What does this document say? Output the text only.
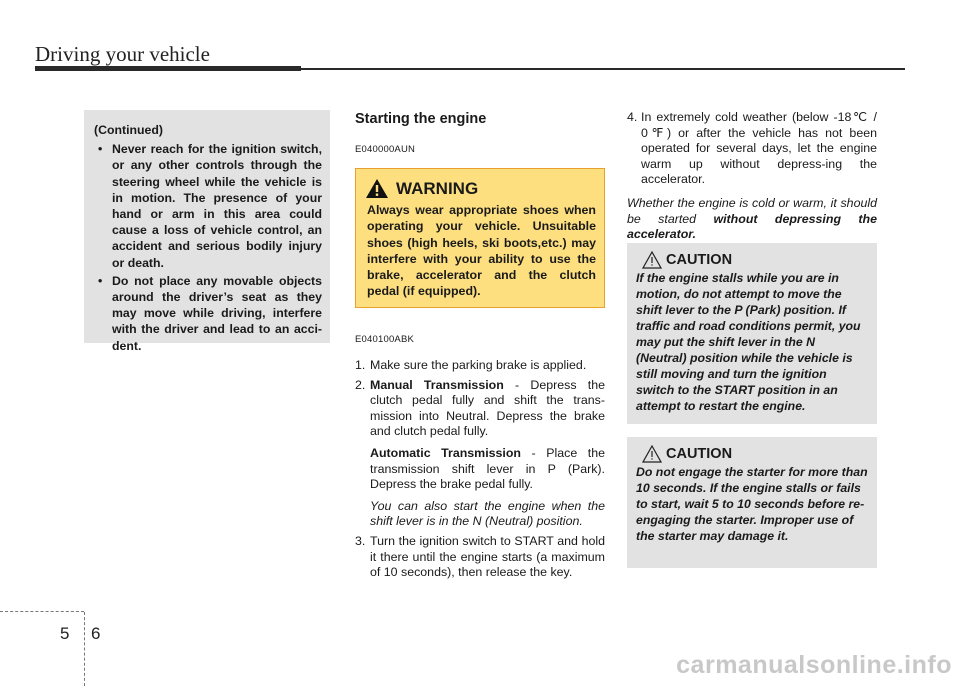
Driving your vehicle
(Continued)
• Never reach for the ignition switch, or any other controls through the steering wheel while the vehicle is in motion. The presence of your hand or arm in this area could cause a loss of vehicle control, an accident and serious bodily injury or death.
• Do not place any movable objects around the driver’s seat as they may move while driving, interfere with the driver and lead to an acci-dent.
Starting the engine
E040000AUN
WARNING
Always wear appropriate shoes when operating your vehicle. Unsuitable shoes (high heels, ski boots,etc.) may interfere with your ability to use the brake, accelerator and the clutch pedal (if equipped).
E040100ABK
1. Make sure the parking brake is applied.
2. Manual Transmission - Depress the clutch pedal fully and shift the trans-mission into Neutral. Depress the brake and clutch pedal fully.
Automatic Transmission - Place the transmission shift lever in P (Park). Depress the brake pedal fully.
You can also start the engine when the shift lever is in the N (Neutral) position.
3. Turn the ignition switch to START and hold it there until the engine starts (a maximum of 10 seconds), then release the key.
4. In extremely cold weather (below -18℃ / 0℉) or after the vehicle has not been operated for several days, let the engine warm up without depress-ing the accelerator.
Whether the engine is cold or warm, it should be started without depressing the accelerator.
CAUTION
If the engine stalls while you are in motion, do not attempt to move the shift lever to the P (Park) position. If traffic and road conditions permit, you may put the shift lever in the N (Neutral) position while the vehicle is still moving and turn the ignition switch to the START position in an attempt to restart the engine.
CAUTION
Do not engage the starter for more than 10 seconds. If the engine stalls or fails to start, wait 5 to 10 seconds before re-engaging the starter. Improper use of the starter may damage it.
5 6
carmanualsonline.info
